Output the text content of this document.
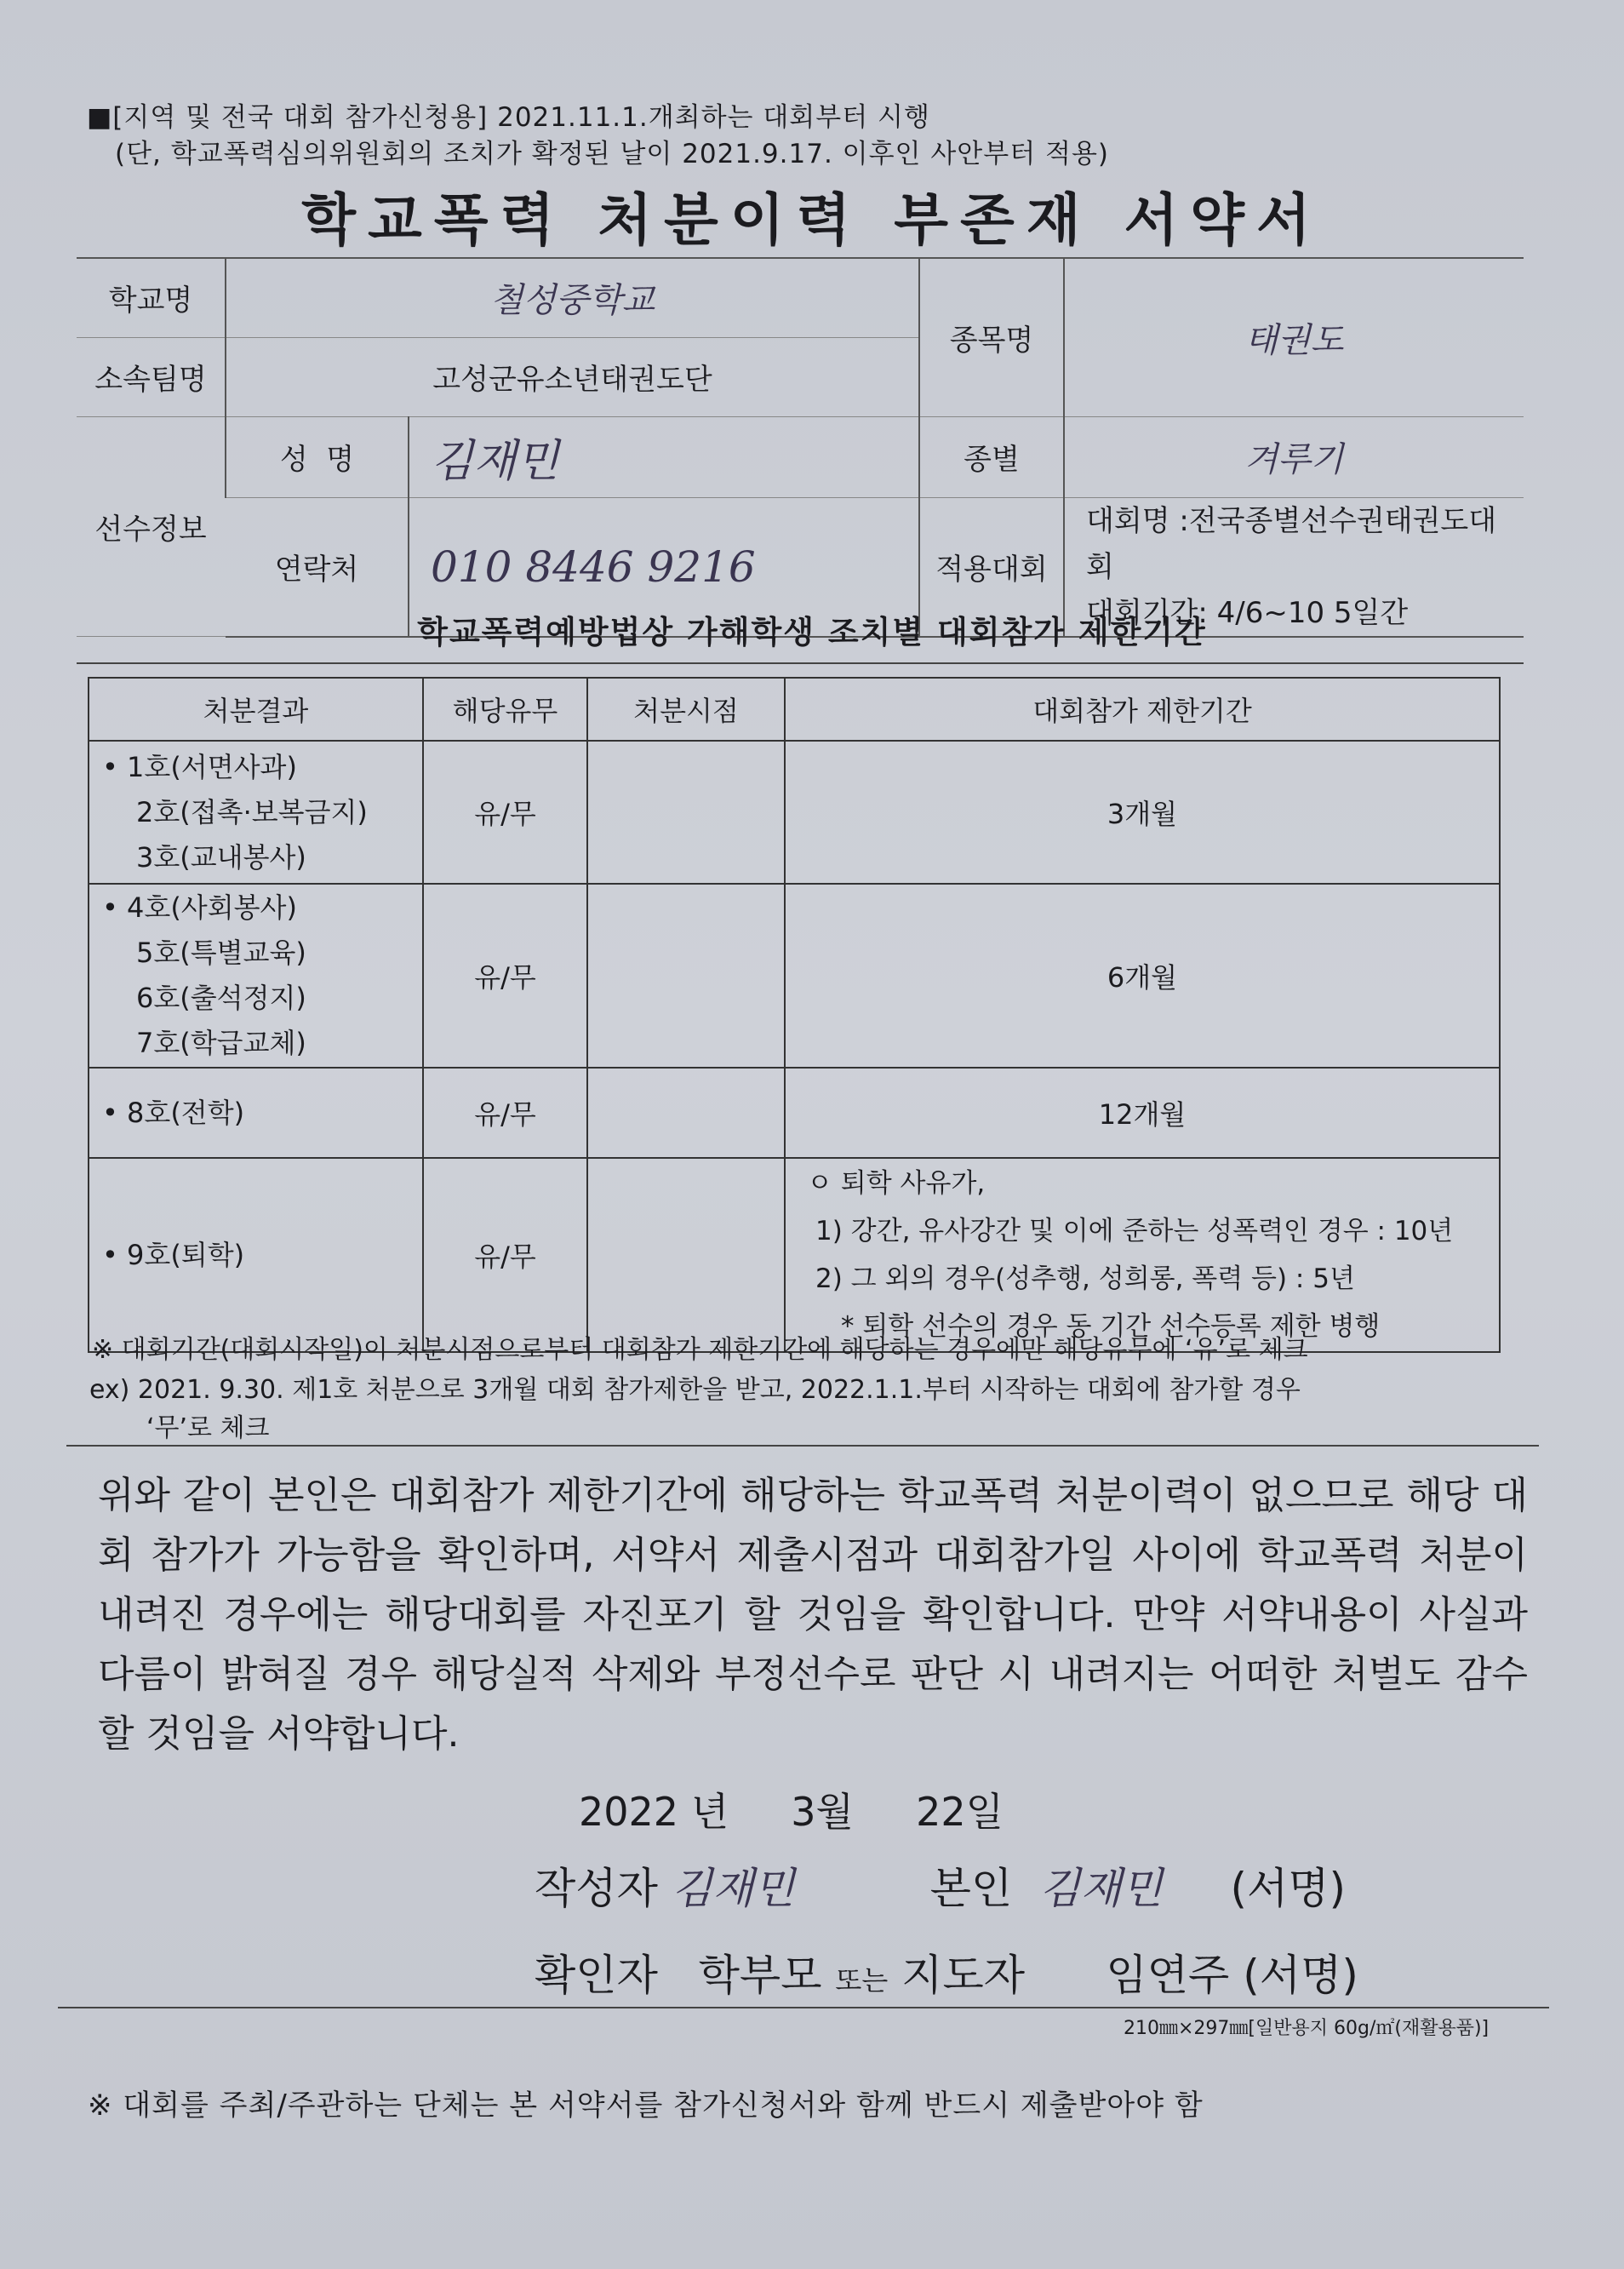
■[지역 및 전국 대회 참가신청용] 2021.11.1.개최하는 대회부터 시행
(단, 학교폭력심의위원회의 조치가 확정된 날이 2021.9.17. 이후인 사안부터 적용)
학교폭력 처분이력 부존재 서약서
학교명	철성중학교		종목명	태권도
소속팀명	고성군유소년태권도단			
선수정보	성  명	김재민	종별	겨루기
	연락처	010 8446 9216	적용대회	대회명 :전국종별선수권태권도대회
대회기간: 4/6~10 5일간
학교폭력예방법상 가해학생 조치별 대회참가 제한기간
처분결과	해당유무	처분시점	대회참가 제한기간

• 1호(서면사과)
2호(접촉·보복금지)
3호(교내봉사)	유/무		3개월

• 4호(사회봉사)
5호(특별교육)
6호(출석정지)
7호(학급교체)	유/무		6개월
• 8호(전학)	유/무		12개월
• 9호(퇴학)	유/무		ㅇ 퇴학 사유가,
1) 강간, 유사강간 및 이에 준하는 성폭력인 경우 : 10년
2) 그 외의 경우(성추행, 성희롱, 폭력 등) : 5년
* 퇴학 선수의 경우 동 기간 선수등록 제한 병행
※ 대회기간(대회시작일)이 처분시점으로부터 대회참가 제한기간에 해당하는 경우에만 해당유무에 ‘유’로 체크
ex) 2021. 9.30. 제1호 처분으로 3개월 대회 참가제한을 받고, 2022.1.1.부터 시작하는 대회에 참가할 경우
‘무’로 체크
위와 같이 본인은 대회참가 제한기간에 해당하는 학교폭력 처분이력이 없으므로 해당 대회 참가가 가능함을 확인하며, 서약서 제출시점과 대회참가일 사이에 학교폭력 처분이 내려진 경우에는 해당대회를 자진포기 할 것임을 확인합니다. 만약 서약내용이 사실과 다름이 밝혀질 경우 해당실적 삭제와 부정선수로 판단 시 내려지는 어떠한 처벌도 감수할 것임을 서약합니다.
2022 년 3월 22일
작성자 김재민	본인 김재민 (서명)
확인자 학부모 또는 지도자 임연주 (서명)
210㎜×297㎜[일반용지 60g/㎡(재활용품)]
※ 대회를 주최/주관하는 단체는 본 서약서를 참가신청서와 함께 반드시 제출받아야 함
